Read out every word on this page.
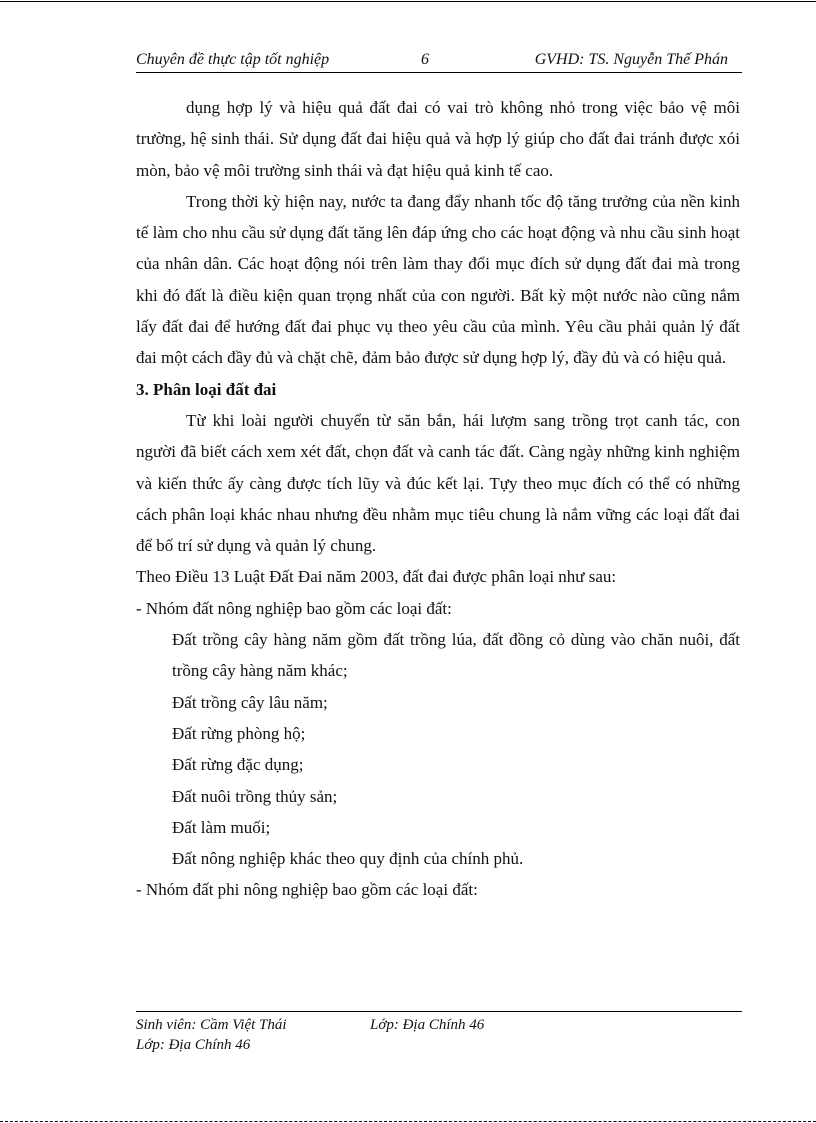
Chuyên đề thực tập tốt nghiệp	6	GVHD: TS. Nguyễn Thế Phán

dụng hợp lý và hiệu quả đất đai có vai trò không nhỏ trong việc bảo vệ môi trường, hệ sinh thái. Sử dụng đất đai hiệu quả và hợp lý giúp cho đất đai tránh được xói mòn, bảo vệ môi trường sinh thái và đạt hiệu quả kinh tế cao.

Trong thời kỳ hiện nay, nước ta đang đẩy nhanh tốc độ tăng trưởng của nền kinh tế làm cho nhu cầu sử dụng đất tăng lên đáp ứng cho các hoạt động và nhu cầu sinh hoạt của nhân dân. Các hoạt động nói trên làm thay đổi mục đích sử dụng đất đai mà trong khi đó đất là điều kiện quan trọng nhất của con người. Bất kỳ một nước nào cũng nắm lấy đất đai để hướng đất đai phục vụ theo yêu cầu của mình. Yêu cầu phải quản lý đất đai một cách đầy đủ và chặt chẽ, đảm bảo được sử dụng hợp lý, đầy đủ và có hiệu quả.

3. Phân loại đất đai

Từ khi loài người chuyển từ săn bắn, hái lượm sang trồng trọt canh tác, con người đã biết cách xem xét đất, chọn đất và canh tác đất. Càng ngày những kinh nghiệm và kiến thức ấy càng được tích lũy và đúc kết lại. Tựy theo mục đích có thể có những cách phân loại khác nhau nhưng đều nhằm mục tiêu chung là nắm vững các loại đất đai để bố trí sử dụng và quản lý chung.

Theo Điều 13 Luật Đất Đai năm 2003, đất đai được phân loại như sau:

- Nhóm đất nông nghiệp bao gồm các loại đất:

Đất trồng cây hàng năm gồm đất trồng lúa, đất đồng cỏ dùng vào chăn nuôi, đất trồng cây hàng năm khác;

Đất trồng cây lâu năm;

Đất rừng phòng hộ;

Đất rừng đặc dụng;

Đất nuôi trồng thủy sản;

Đất làm muối;

Đất nông nghiệp khác theo quy định của chính phủ.

- Nhóm đất phi nông nghiệp bao gồm các loại đất:

Sinh viên: Cầm Việt Thái	Lớp: Địa Chính 46
Lớp: Địa Chính 46
